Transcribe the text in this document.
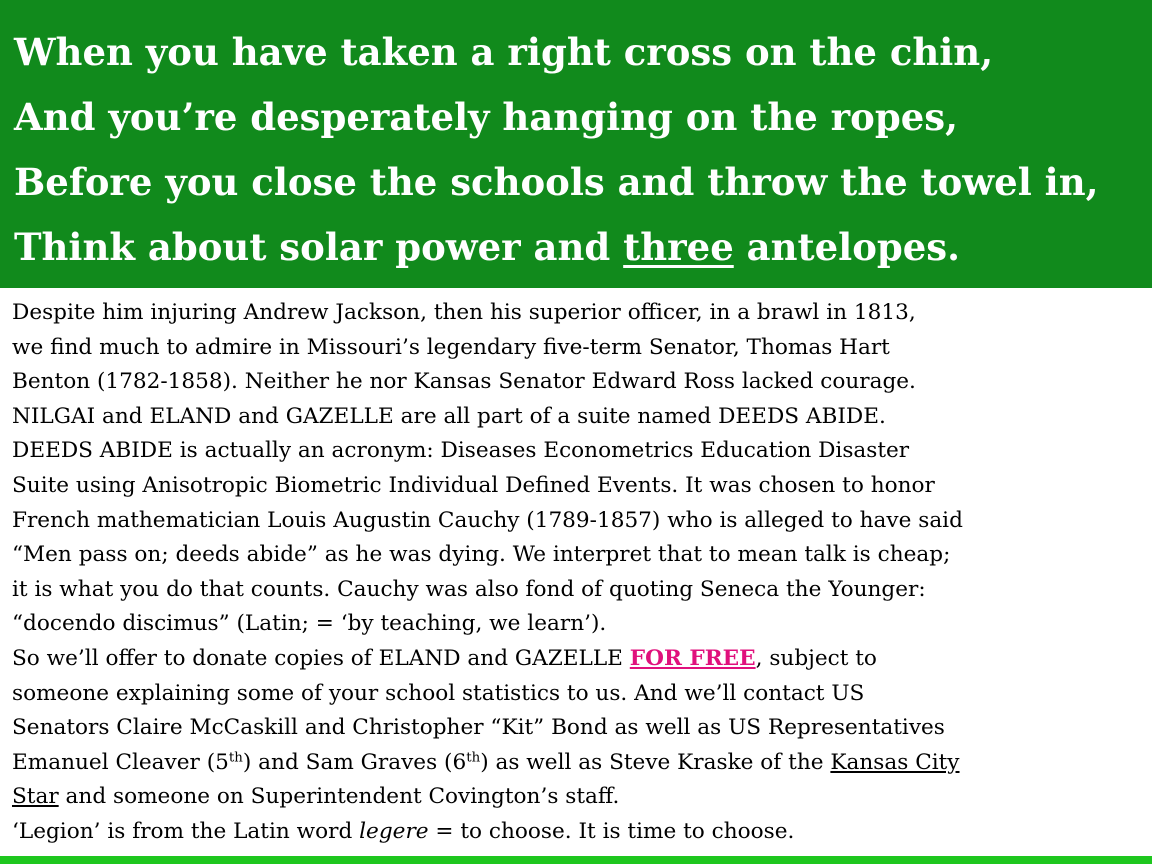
When you have taken a right cross on the chin,

And you’re desperately hanging on the ropes,

Before you close the schools and throw the towel in,

Think about solar power and three antelopes.

Despite him injuring Andrew Jackson, then his superior officer, in a brawl in 1813,

we find much to admire in Missouri’s legendary five-term Senator, Thomas Hart

Benton (1782-1858). Neither he nor Kansas Senator Edward Ross lacked courage.

NILGAI and ELAND and GAZELLE are all part of a suite named DEEDS ABIDE.

DEEDS ABIDE is actually an acronym: Diseases Econometrics Education Disaster

Suite using Anisotropic Biometric Individual Defined Events. It was chosen to honor

French mathematician Louis Augustin Cauchy (1789-1857) who is alleged to have said

“Men pass on; deeds abide” as he was dying. We interpret that to mean talk is cheap;

it is what you do that counts. Cauchy was also fond of quoting Seneca the Younger:

“docendo discimus” (Latin; = ‘by teaching, we learn’).

So we’ll offer to donate copies of ELAND and GAZELLE FOR FREE, subject to

someone explaining some of your school statistics to us. And we’ll contact US

Senators Claire McCaskill and Christopher “Kit” Bond as well as US Representatives

Emanuel Cleaver (5th) and Sam Graves (6th) as well as Steve Kraske of the Kansas City

Star and someone on Superintendent Covington’s staff.

‘Legion’ is from the Latin word legere = to choose. It is time to choose.
